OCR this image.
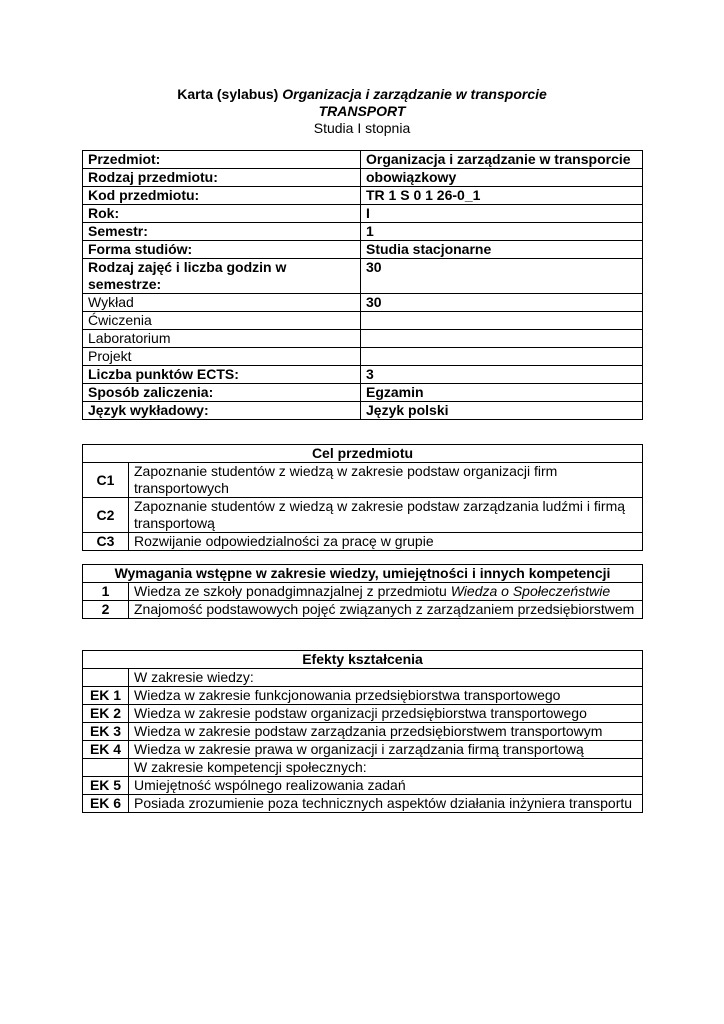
Karta (sylabus) Organizacja i zarządzanie w transporcie
TRANSPORT
Studia I stopnia
Przedmiot:	Organizacja i zarządzanie w transporcie
Rodzaj przedmiotu:	obowiązkowy
Kod przedmiotu:	TR 1 S 0 1 26-0_1
Rok:	I
Semestr:	1
Forma studiów:	Studia stacjonarne
Rodzaj zajęć i liczba godzin w semestrze:	30
Wykład	30
Ćwiczenia	
Laboratorium	
Projekt	
Liczba punktów ECTS:	3
Sposób zaliczenia:	Egzamin
Język wykładowy:	Język polski
Cel przedmiotu	
C1	Zapoznanie studentów z wiedzą w zakresie podstaw organizacji firm transportowych
C2	Zapoznanie studentów z wiedzą w zakresie podstaw zarządzania ludźmi i firmą transportową
C3	Rozwijanie odpowiedzialności za pracę w grupie
Wymagania wstępne w zakresie wiedzy, umiejętności i innych kompetencji	
1	Wiedza ze szkoły ponadgimnazjalnej z przedmiotu Wiedza o Społeczeństwie
2	Znajomość podstawowych pojęć związanych z zarządzaniem przedsiębiorstwem
Efekty kształcenia	
	W zakresie wiedzy:
EK 1	Wiedza w zakresie funkcjonowania przedsiębiorstwa transportowego
EK 2	Wiedza w zakresie podstaw organizacji przedsiębiorstwa transportowego
EK 3	Wiedza w zakresie podstaw zarządzania przedsiębiorstwem transportowym
EK 4	Wiedza w zakresie prawa w organizacji i zarządzania firmą transportową
	W zakresie kompetencji społecznych:
EK 5	Umiejętność wspólnego realizowania zadań
EK 6	Posiada zrozumienie poza technicznych aspektów działania inżyniera transportu
